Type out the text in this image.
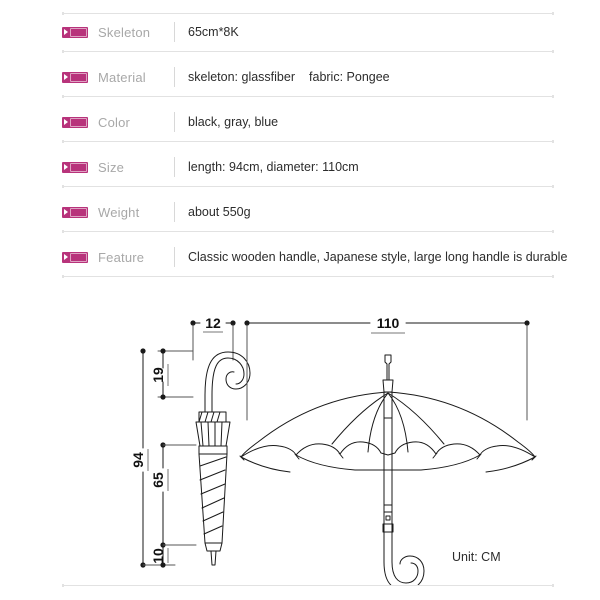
Skeleton	65cm*8K
Material	skeleton: glassfiber fabric: Pongee
Color	black, gray, blue
Size	length: 94cm, diameter: 110cm
Weight	about 550g
Feature	Classic wooden handle, Japanese style, large long handle is durable
12	110
19
94
65
10	Unit: CM
